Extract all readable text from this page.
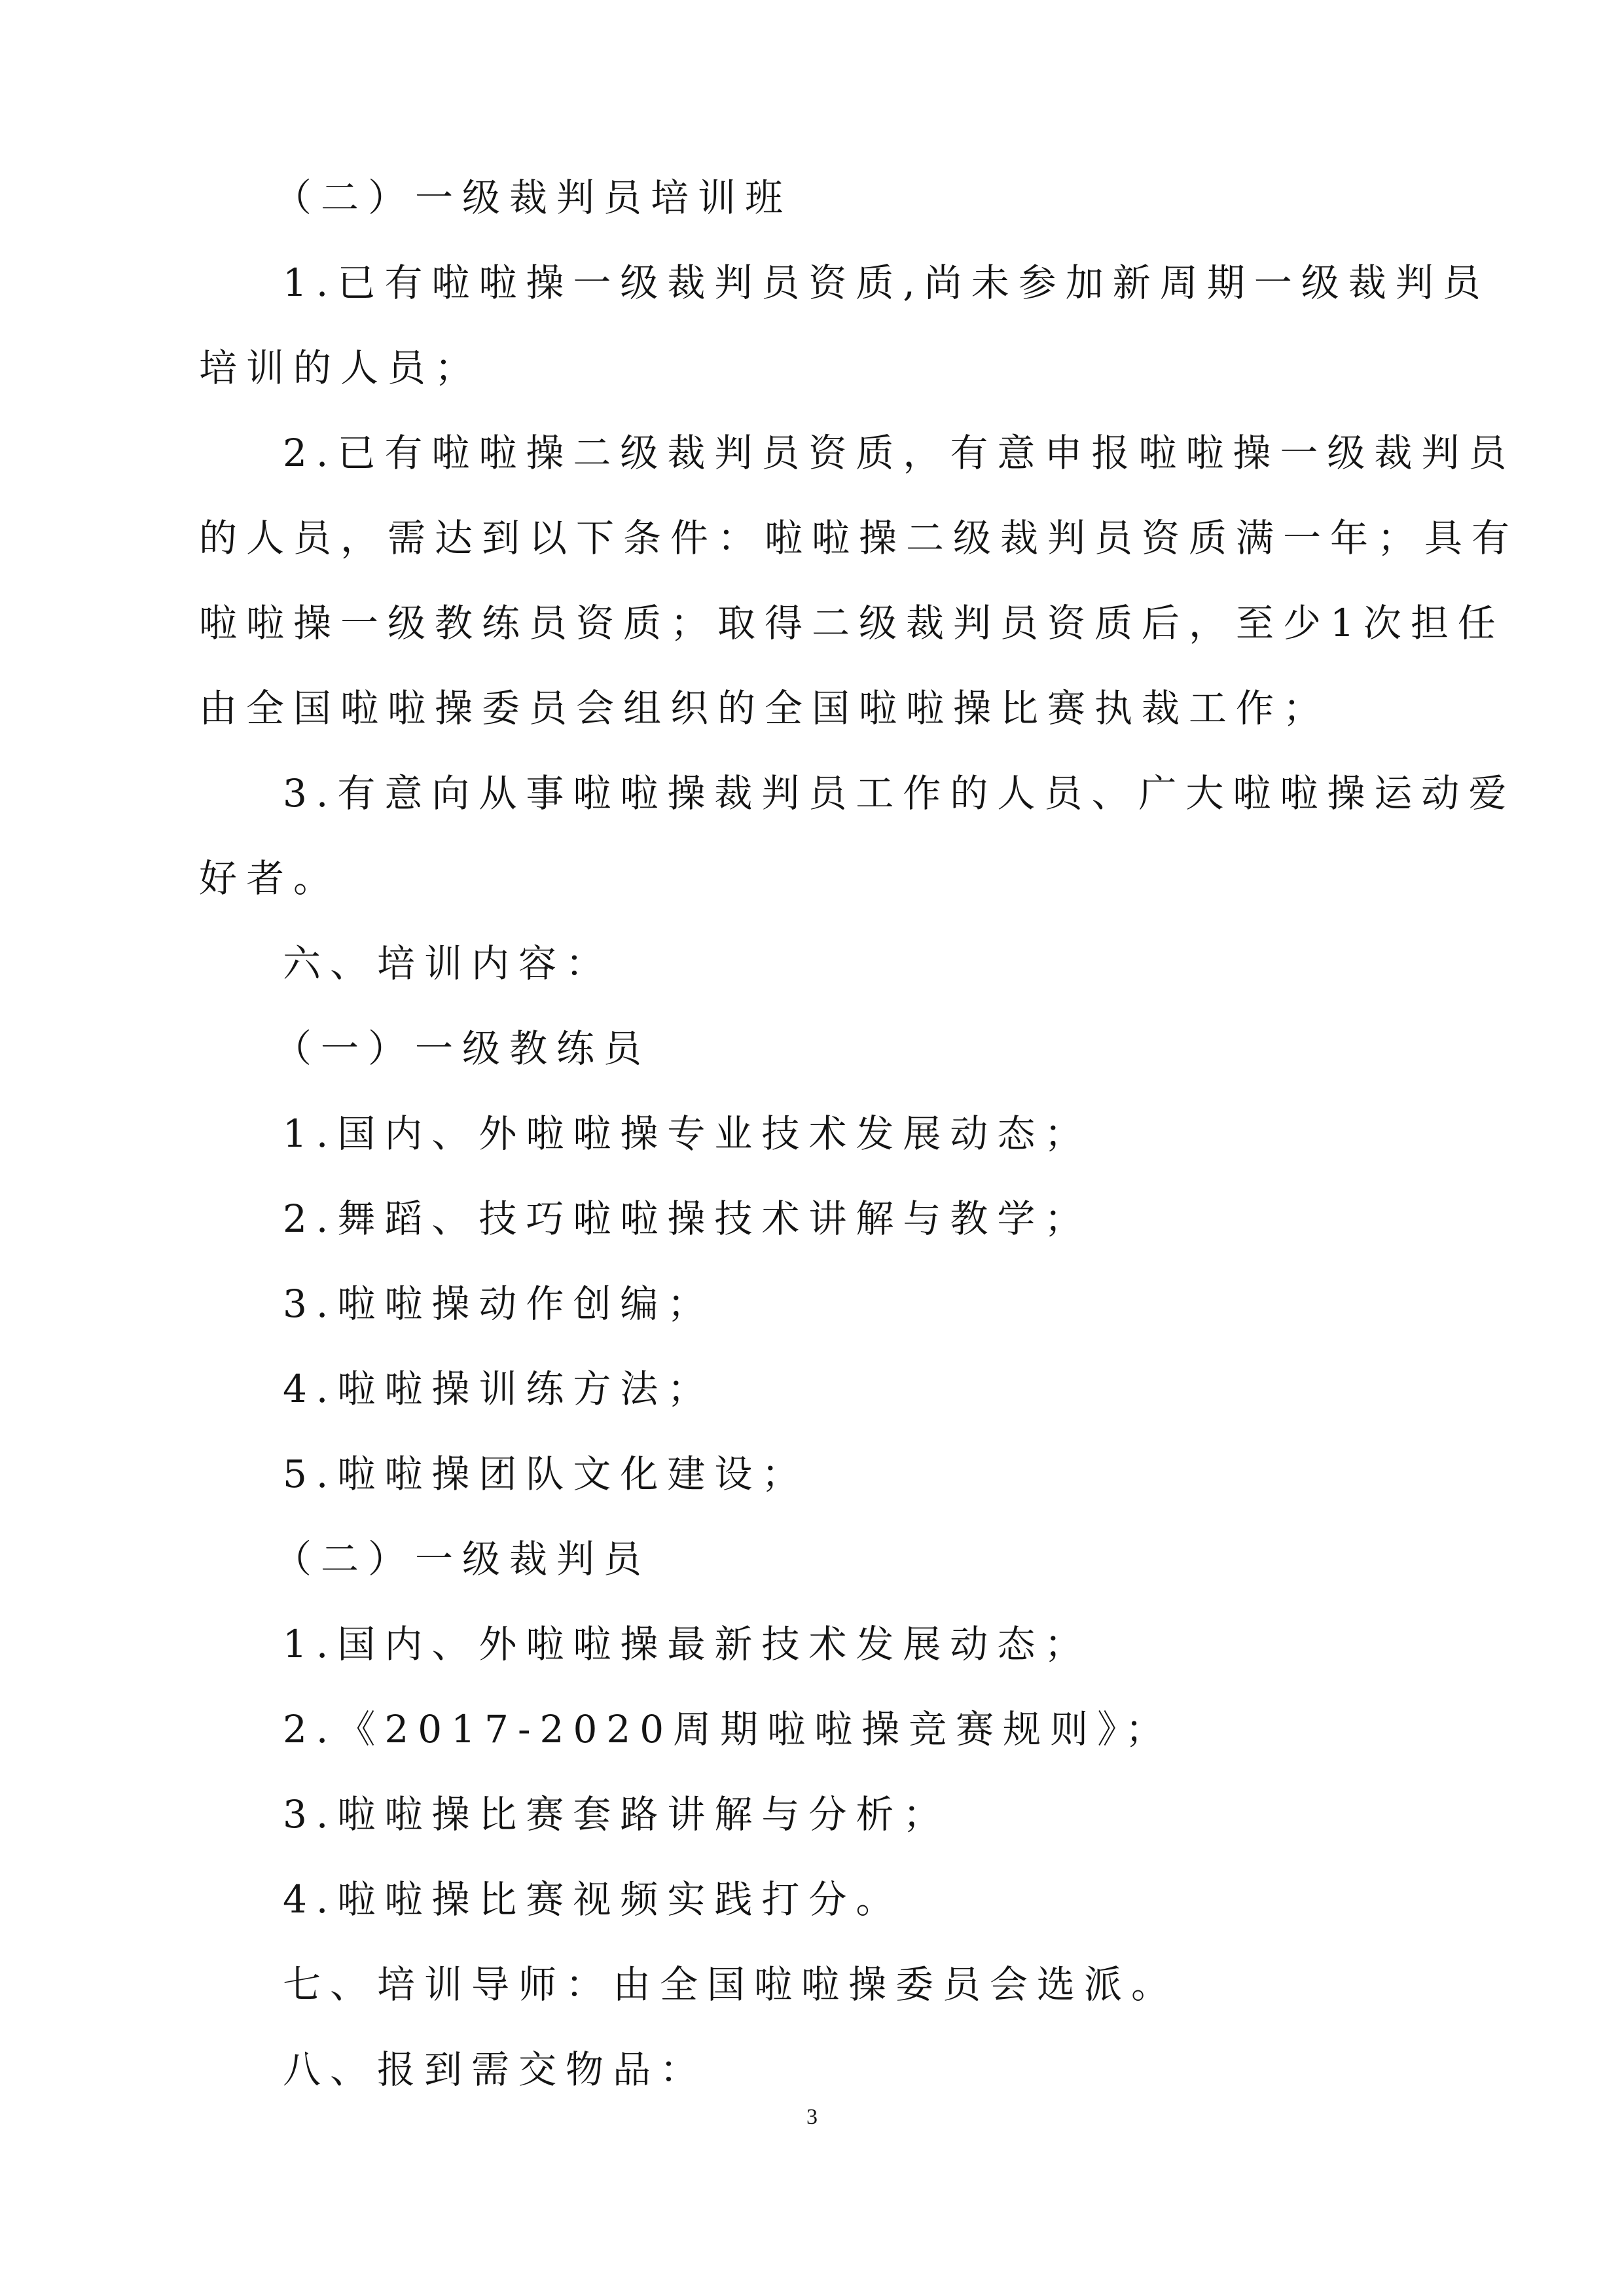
（二）一级裁判员培训班
1.已有啦啦操一级裁判员资质,尚未参加新周期一级裁判员
培训的人员；
2.已有啦啦操二级裁判员资质，有意申报啦啦操一级裁判员
的人员，需达到以下条件：啦啦操二级裁判员资质满一年；具有
啦啦操一级教练员资质；取得二级裁判员资质后，至少1次担任
由全国啦啦操委员会组织的全国啦啦操比赛执裁工作；
3.有意向从事啦啦操裁判员工作的人员、广大啦啦操运动爱
好者。
六、培训内容：
（一）一级教练员
1.国内、外啦啦操专业技术发展动态；
2.舞蹈、技巧啦啦操技术讲解与教学；
3.啦啦操动作创编；
4.啦啦操训练方法；
5.啦啦操团队文化建设；
（二）一级裁判员
1.国内、外啦啦操最新技术发展动态；
2.《2017-2020周期啦啦操竞赛规则》；
3.啦啦操比赛套路讲解与分析；
4.啦啦操比赛视频实践打分。
七、培训导师：由全国啦啦操委员会选派。
八、报到需交物品：
3
